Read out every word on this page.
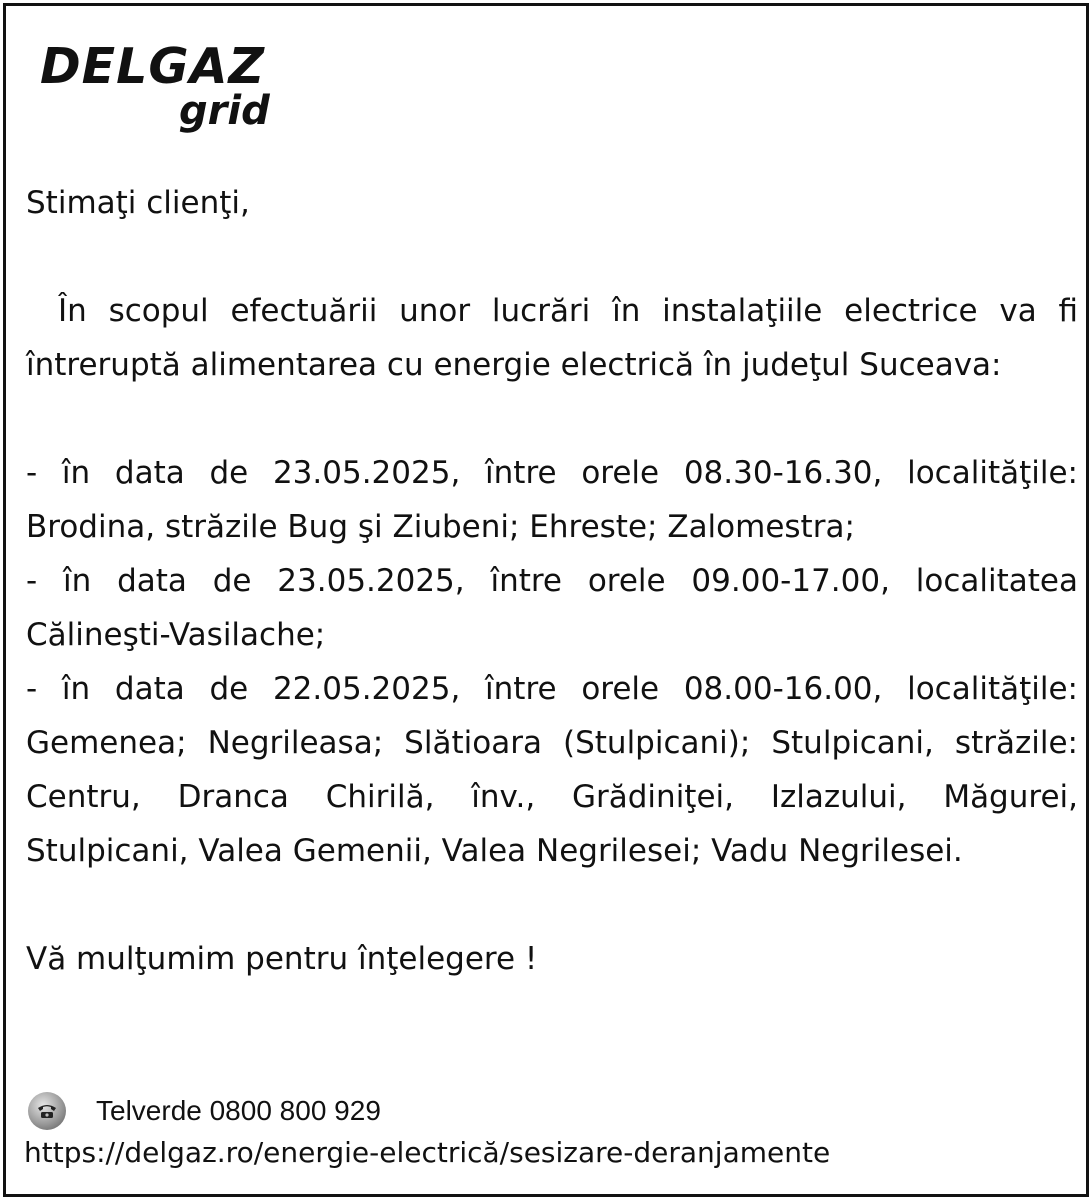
DELGAZ
grid

Stimaţi clienţi,

În scopul efectuării unor lucrări în instalaţiile electrice va fi întreruptă alimentarea cu energie electrică în judeţul Suceava:

- în data de 23.05.2025, între orele 08.30-16.30, localităţile: Brodina, străzile Bug şi Ziubeni; Ehreste; Zalomestra;

- în data de 23.05.2025, între orele 09.00-17.00, localitatea Călineşti-Vasilache;

- în data de 22.05.2025, între orele 08.00-16.00, localităţile: Gemenea; Negrileasa; Slătioara (Stulpicani); Stulpicani, străzile: Centru, Dranca Chirilă, înv., Grădiniţei, Izlazului, Măgurei, Stulpicani, Valea Gemenii, Valea Negrilesei; Vadu Negrilesei.

Vă mulţumim pentru înţelegere !

Telverde 0800 800 929
https://delgaz.ro/energie-electrică/sesizare-deranjamente
